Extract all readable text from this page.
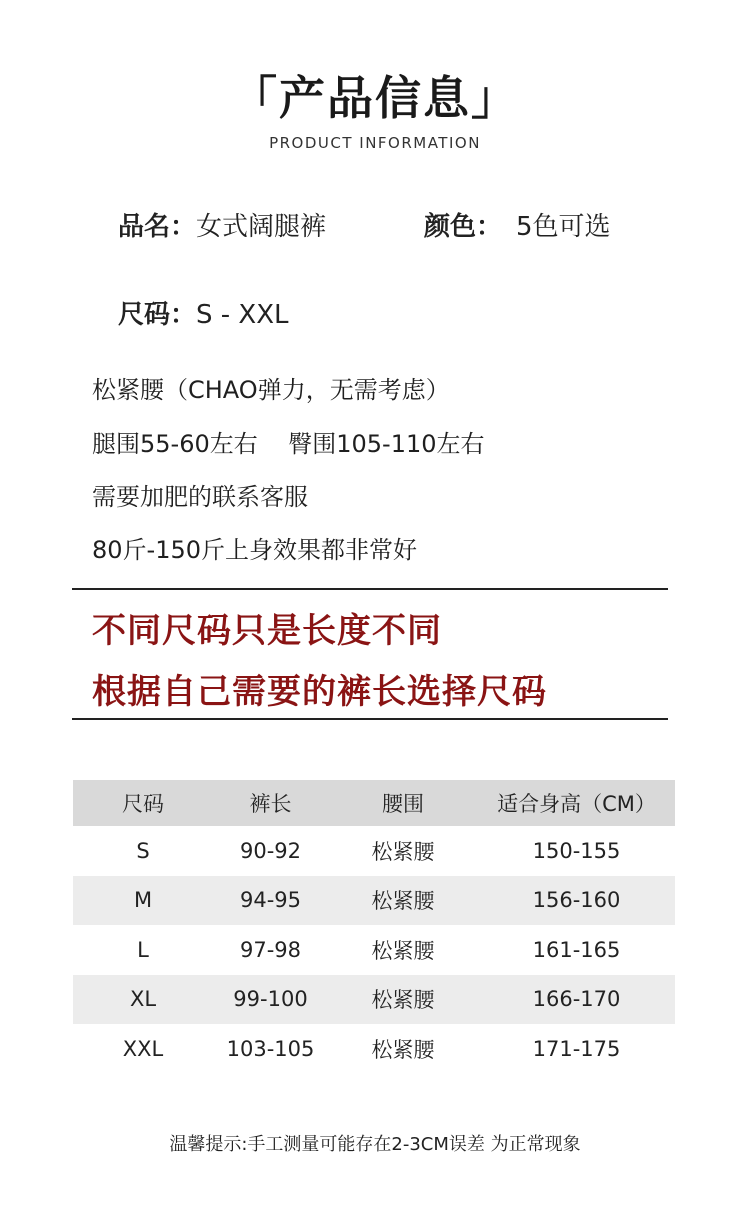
「产品信息」
PRODUCT INFORMATION
品名：女式阔腿裤	颜色： 5色可选
尺码：S - XXL
松紧腰（CHAO弹力，无需考虑）
腿围55-60左右    臀围105-110左右
需要加肥的联系客服
80斤-150斤上身效果都非常好
不同尺码只是长度不同
根据自己需要的裤长选择尺码
尺码	裤长	腰围	适合身高（CM）
S	90-92	松紧腰	150-155
M	94-95	松紧腰	156-160
L	97-98	松紧腰	161-165
XL	99-100	松紧腰	166-170
XXL	103-105	松紧腰	171-175
温馨提示:手工测量可能存在2-3CM误差 为正常现象
